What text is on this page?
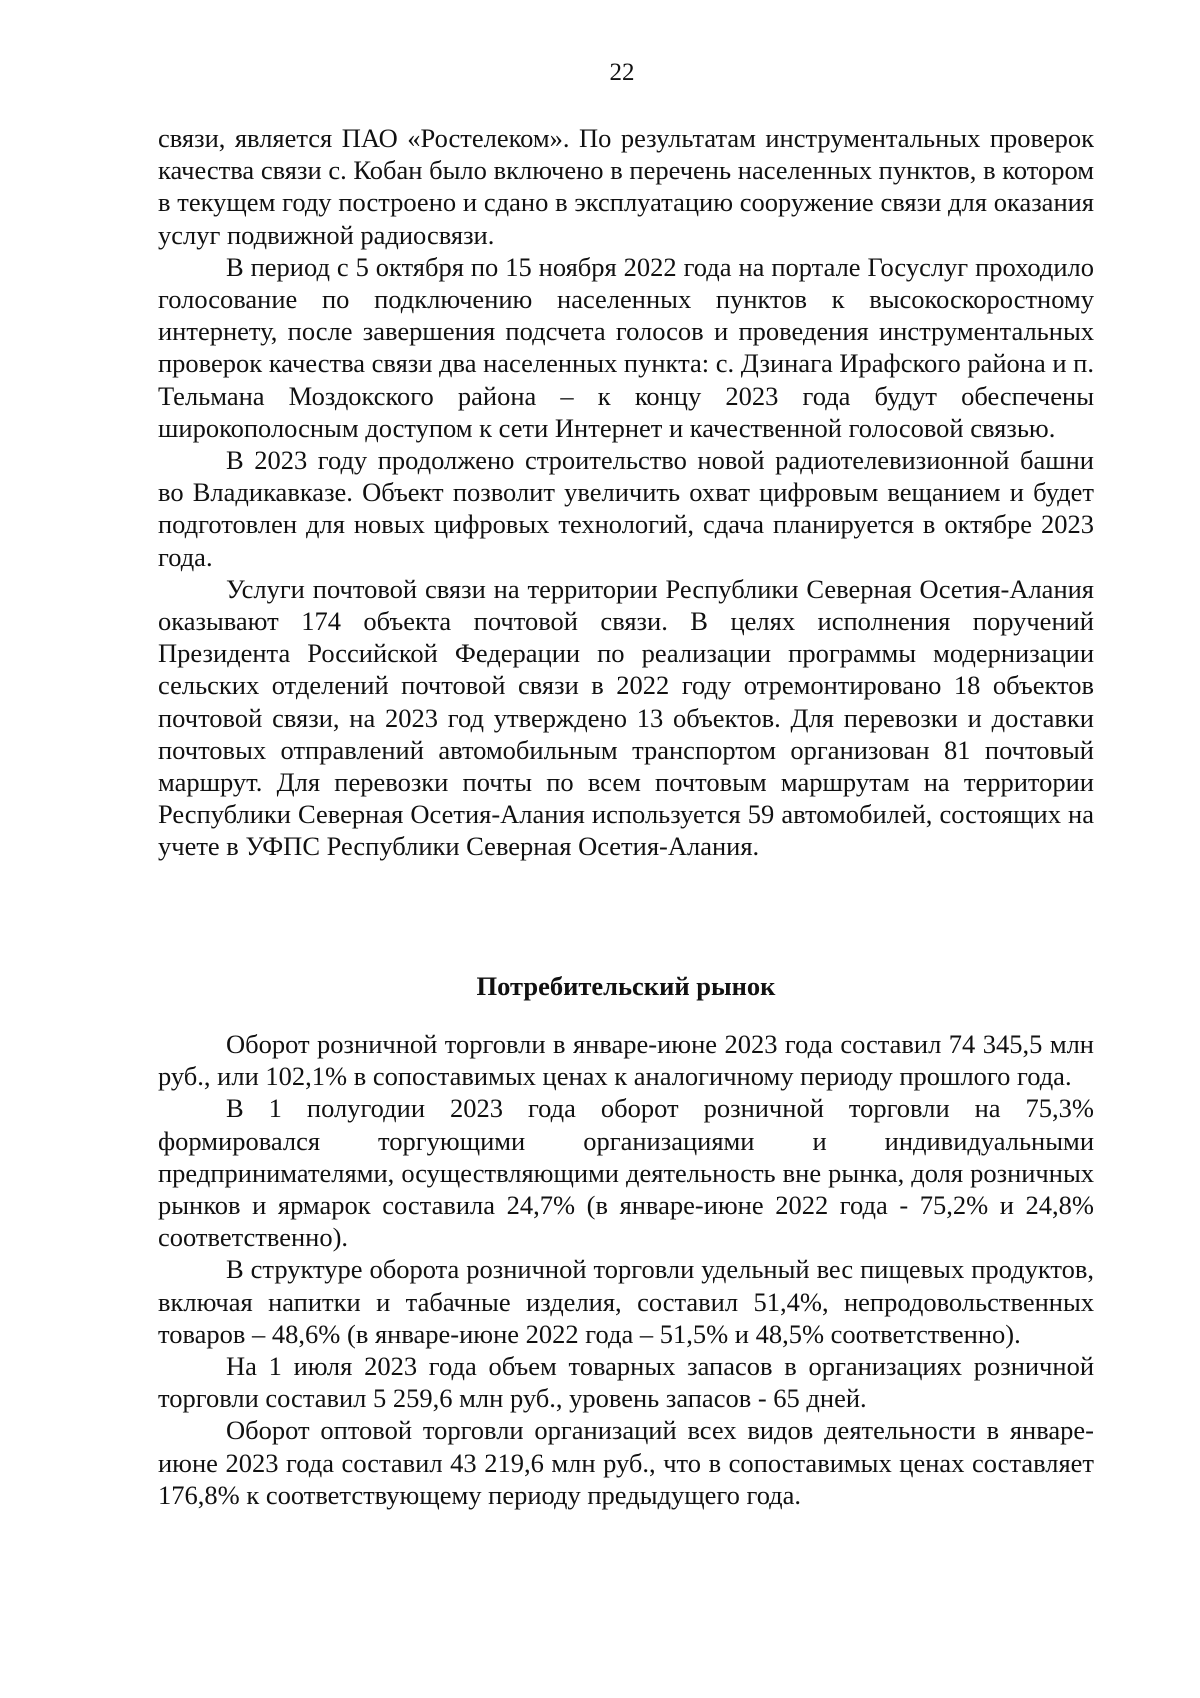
22

связи, является ПАО «Ростелеком». По результатам инструментальных проверок качества связи с. Кобан было включено в перечень населенных пунктов, в котором в текущем году построено и сдано в эксплуатацию сооружение связи для оказания услуг подвижной радиосвязи.

В период с 5 октября по 15 ноября 2022 года на портале Госуслуг проходило голосование по подключению населенных пунктов к высокоскоростному интернету, после завершения подсчета голосов и проведения инструментальных проверок качества связи два населенных пункта: с. Дзинага Ирафского района и п. Тельмана Моздокского района – к концу 2023 года будут обеспечены широкополосным доступом к сети Интернет и качественной голосовой связью.

В 2023 году продолжено строительство новой радиотелевизионной башни во Владикавказе. Объект позволит увеличить охват цифровым вещанием и будет подготовлен для новых цифровых технологий, сдача планируется в октябре 2023 года.

Услуги почтовой связи на территории Республики Северная Осетия-Алания оказывают 174 объекта почтовой связи. В целях исполнения поручений Президента Российской Федерации по реализации программы модернизации сельских отделений почтовой связи в 2022 году отремонтировано 18 объектов почтовой связи, на 2023 год утверждено 13 объектов. Для перевозки и доставки почтовых отправлений автомобильным транспортом организован 81 почтовый маршрут. Для перевозки почты по всем почтовым маршрутам на территории Республики Северная Осетия-Алания используется 59 автомобилей, состоящих на учете в УФПС Республики Северная Осетия-Алания.

Потребительский рынок

Оборот розничной торговли в январе-июне 2023 года составил 74 345,5 млн руб., или 102,1% в сопоставимых ценах к аналогичному периоду прошлого года.

В 1 полугодии 2023 года оборот розничной торговли на 75,3% формировался торгующими организациями и индивидуальными предпринимателями, осуществляющими деятельность вне рынка, доля розничных рынков и ярмарок составила 24,7% (в январе-июне 2022 года - 75,2% и 24,8% соответственно).

В структуре оборота розничной торговли удельный вес пищевых продуктов, включая напитки и табачные изделия, составил 51,4%, непродовольственных товаров – 48,6% (в январе-июне 2022 года – 51,5% и 48,5% соответственно).

На 1 июля 2023 года объем товарных запасов в организациях розничной торговли составил 5 259,6 млн руб., уровень запасов - 65 дней.

Оборот оптовой торговли организаций всех видов деятельности в январе-июне 2023 года составил 43 219,6 млн руб., что в сопоставимых ценах составляет 176,8% к соответствующему периоду предыдущего года.
